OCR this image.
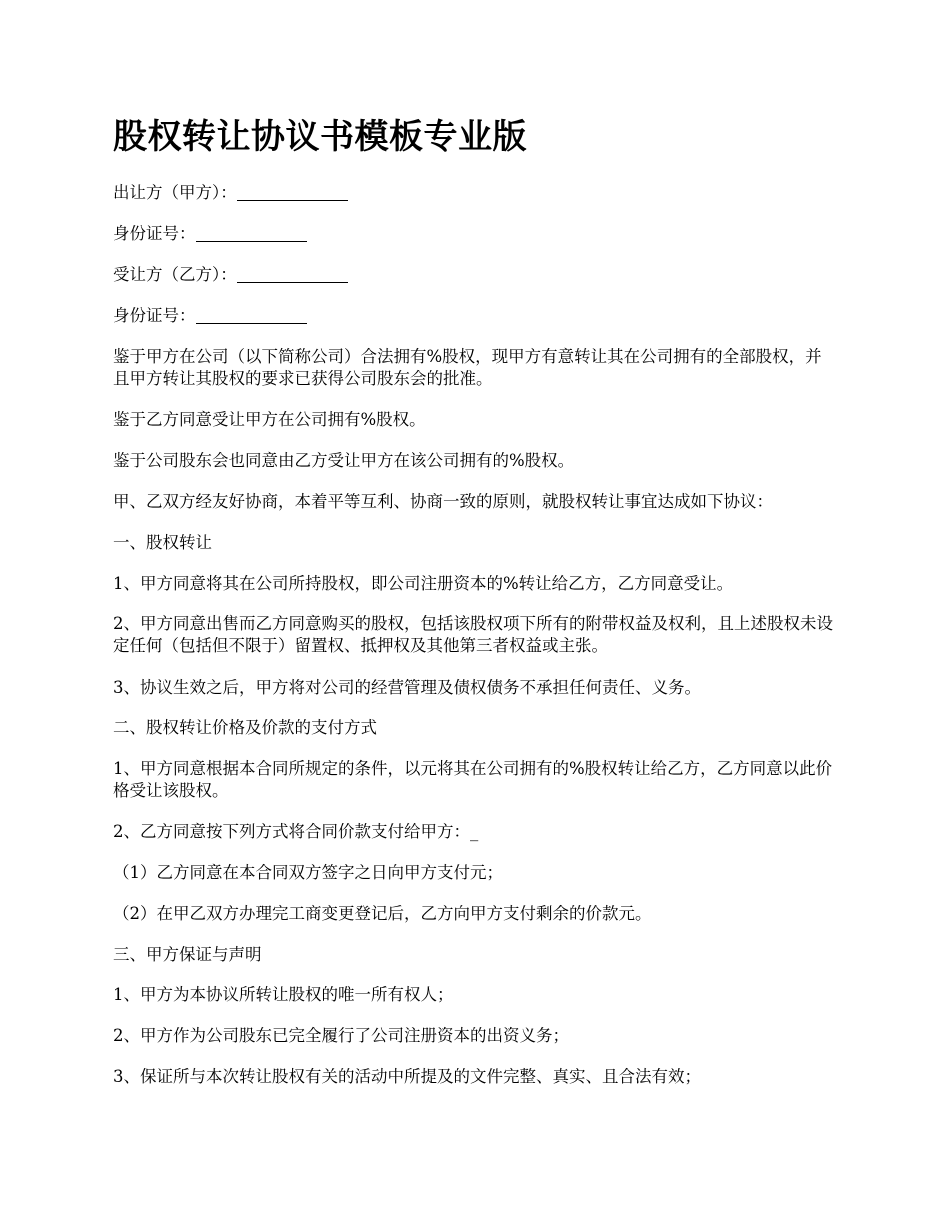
股权转让协议书模板专业版

出让方（甲方）：

身份证号：

受让方（乙方）：

身份证号：

鉴于甲方在公司（以下简称公司）合法拥有%股权，现甲方有意转让其在公司拥有的全部股权，并且甲方转让其股权的要求已获得公司股东会的批准。

鉴于乙方同意受让甲方在公司拥有%股权。

鉴于公司股东会也同意由乙方受让甲方在该公司拥有的%股权。

甲、乙双方经友好协商，本着平等互利、协商一致的原则，就股权转让事宜达成如下协议：

一、股权转让

1、甲方同意将其在公司所持股权，即公司注册资本的%转让给乙方，乙方同意受让。

2、甲方同意出售而乙方同意购买的股权，包括该股权项下所有的附带权益及权利，且上述股权未设定任何（包括但不限于）留置权、抵押权及其他第三者权益或主张。

3、协议生效之后，甲方将对公司的经营管理及债权债务不承担任何责任、义务。

二、股权转让价格及价款的支付方式

1、甲方同意根据本合同所规定的条件，以元将其在公司拥有的%股权转让给乙方，乙方同意以此价格受让该股权。

2、乙方同意按下列方式将合同价款支付给甲方：_

（1）乙方同意在本合同双方签字之日向甲方支付元；

（2）在甲乙双方办理完工商变更登记后，乙方向甲方支付剩余的价款元。

三、甲方保证与声明

1、甲方为本协议所转让股权的唯一所有权人；

2、甲方作为公司股东已完全履行了公司注册资本的出资义务；

3、保证所与本次转让股权有关的活动中所提及的文件完整、真实、且合法有效；
